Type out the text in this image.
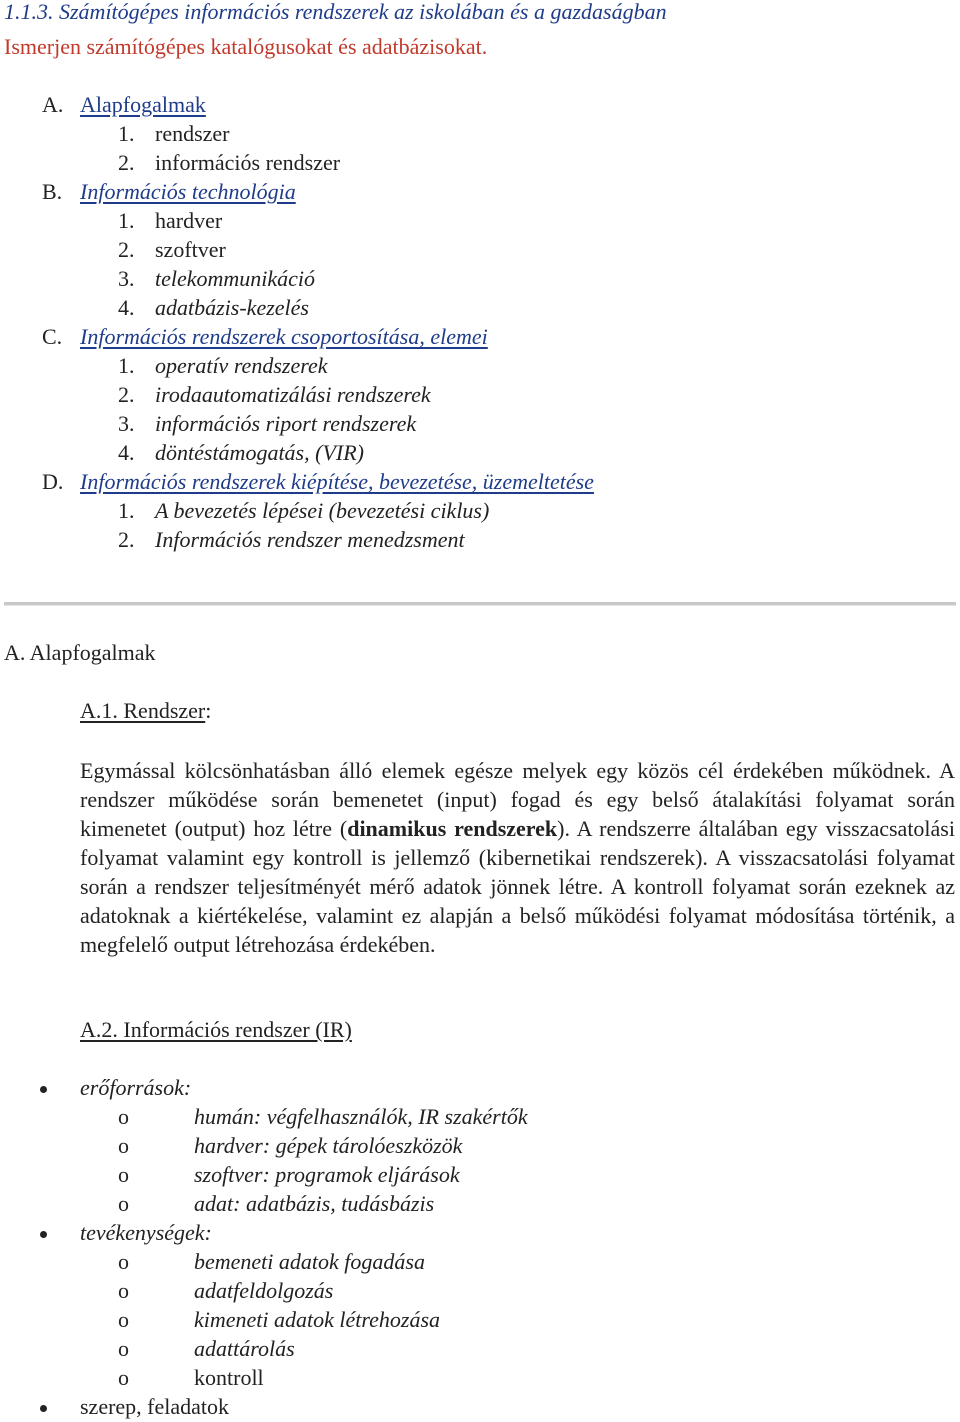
1.1.3. Számítógépes információs rendszerek az iskolában és a gazdaságban
Ismerjen számítógépes katalógusokat és adatbázisokat.
A. Alapfogalmak
1. rendszer
2. információs rendszer
B. Információs technológia
1. hardver
2. szoftver
3. telekommunikáció
4. adatbázis-kezelés
C. Információs rendszerek csoportosítása, elemei
1. operatív rendszerek
2. irodaautomatizálási rendszerek
3. információs riport rendszerek
4. döntéstámogatás, (VIR)
D. Információs rendszerek kiépítése, bevezetése, üzemeltetése
1. A bevezetés lépései (bevezetési ciklus)
2. Információs rendszer menedzsment
A. Alapfogalmak
A.1. Rendszer:
Egymással kölcsönhatásban álló elemek egésze melyek egy közös cél érdekében működnek. A rendszer működése során bemenetet (input) fogad és egy belső átalakítási folyamat során kimenetet (output) hoz létre (dinamikus rendszerek). A rendszerre általában egy visszacsatolási folyamat valamint egy kontroll is jellemző (kibernetikai rendszerek). A visszacsatolási folyamat során a rendszer teljesítményét mérő adatok jönnek létre. A kontroll folyamat során ezeknek az adatoknak a kiértékelése, valamint ez alapján a belső működési folyamat módosítása történik, a megfelelő output létrehozása érdekében.
A.2. Információs rendszer (IR)
erőforrások:
o	humán: végfelhasználók, IR szakértők
o	hardver: gépek tárolóeszközök
o	szoftver: programok eljárások
o	adat: adatbázis, tudásbázis
tevékenységek:
o	bemeneti adatok fogadása
o	adatfeldolgozás
o	kimeneti adatok létrehozása
o	adattárolás
o	kontroll
szerep, feladatok
